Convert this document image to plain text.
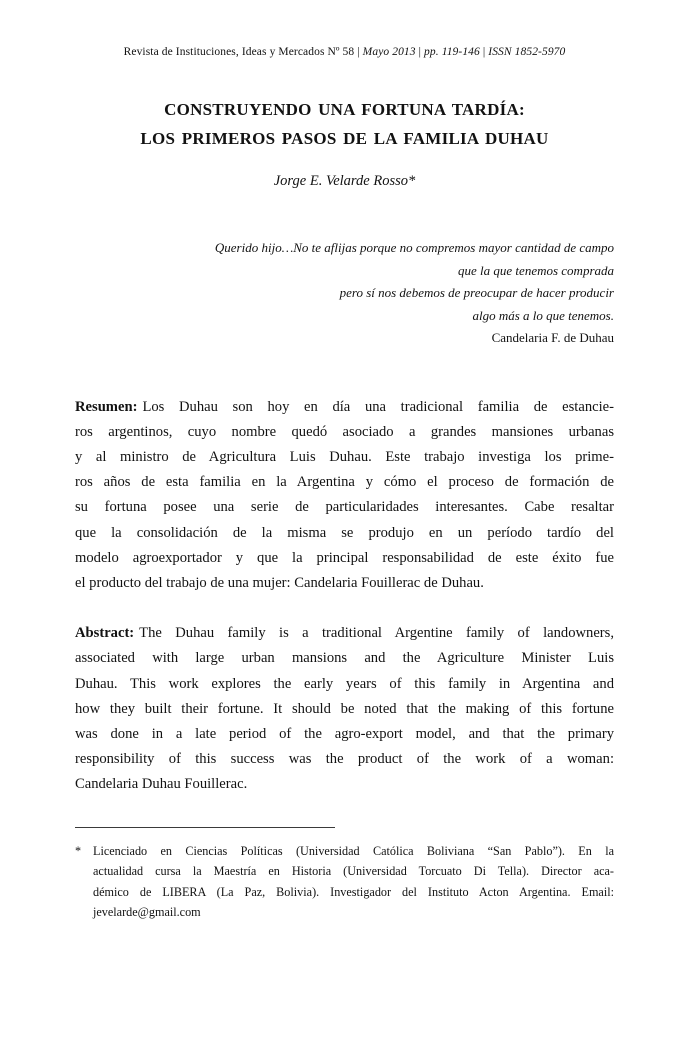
Revista de Instituciones, Ideas y Mercados Nº 58 | Mayo 2013 | pp. 119-146 | ISSN 1852-5970
CONSTRUYENDO UNA FORTUNA TARDÍA:
LOS PRIMEROS PASOS DE LA FAMILIA DUHAU
Jorge E. Velarde Rosso*
Querido hijo…No te aflijas porque no compremos mayor cantidad de campo
que la que tenemos comprada
pero sí nos debemos de preocupar de hacer producir
algo más a lo que tenemos.
Candelaria F. de Duhau
Resumen: Los Duhau son hoy en día una tradicional familia de estancie-
ros argentinos, cuyo nombre quedó asociado a grandes mansiones urbanas
y al ministro de Agricultura Luis Duhau. Este trabajo investiga los prime-
ros años de esta familia en la Argentina y cómo el proceso de formación de
su fortuna posee una serie de particularidades interesantes. Cabe resaltar
que la consolidación de la misma se produjo en un período tardío del
modelo agroexportador y que la principal responsabilidad de este éxito fue
el producto del trabajo de una mujer: Candelaria Fouillerac de Duhau.
Abstract: The Duhau family is a traditional Argentine family of landowners,
associated with large urban mansions and the Agriculture Minister Luis
Duhau. This work explores the early years of this family in Argentina and
how they built their fortune. It should be noted that the making of this fortune
was done in a late period of the agro-export model, and that the primary
responsibility of this success was the product of the work of a woman:
Candelaria Duhau Fouillerac.
* Licenciado en Ciencias Políticas (Universidad Católica Boliviana “San Pablo”). En la
actualidad cursa la Maestría en Historia (Universidad Torcuato Di Tella). Director aca-
démico de LIBERA (La Paz, Bolivia). Investigador del Instituto Acton Argentina. Email:
jevelarde@gmail.com
